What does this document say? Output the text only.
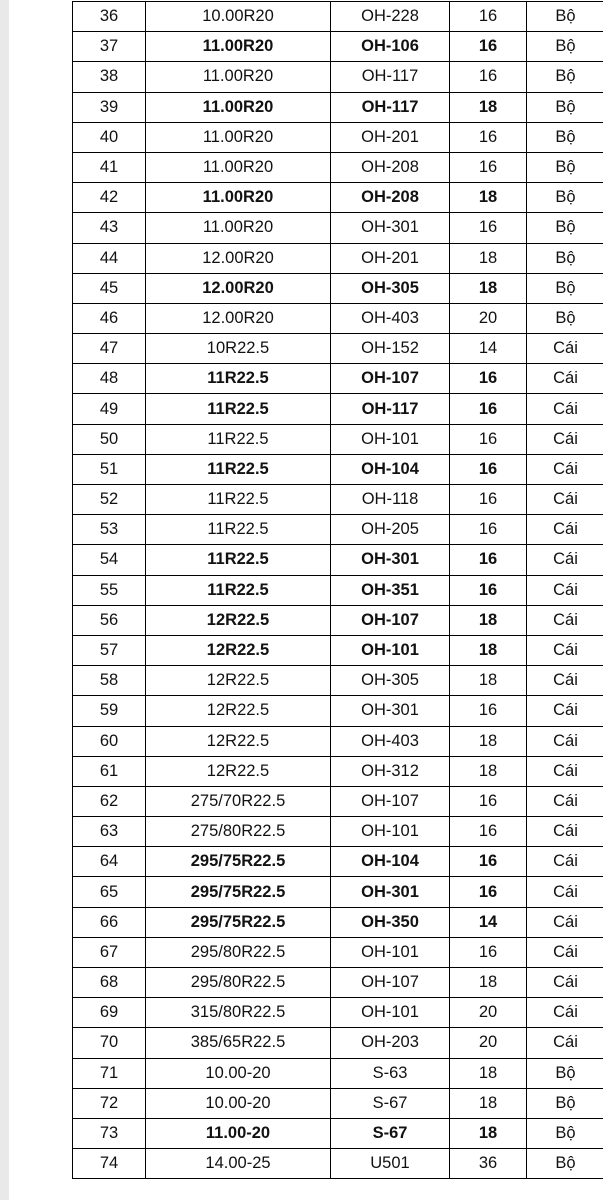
36	10.00R20	OH-228	16	Bộ
37	11.00R20	OH-106	16	Bộ
38	11.00R20	OH-117	16	Bộ
39	11.00R20	OH-117	18	Bộ
40	11.00R20	OH-201	16	Bộ
41	11.00R20	OH-208	16	Bộ
42	11.00R20	OH-208	18	Bộ
43	11.00R20	OH-301	16	Bộ
44	12.00R20	OH-201	18	Bộ
45	12.00R20	OH-305	18	Bộ
46	12.00R20	OH-403	20	Bộ
47	10R22.5	OH-152	14	Cái
48	11R22.5	OH-107	16	Cái
49	11R22.5	OH-117	16	Cái
50	11R22.5	OH-101	16	Cái
51	11R22.5	OH-104	16	Cái
52	11R22.5	OH-118	16	Cái
53	11R22.5	OH-205	16	Cái
54	11R22.5	OH-301	16	Cái
55	11R22.5	OH-351	16	Cái
56	12R22.5	OH-107	18	Cái
57	12R22.5	OH-101	18	Cái
58	12R22.5	OH-305	18	Cái
59	12R22.5	OH-301	16	Cái
60	12R22.5	OH-403	18	Cái
61	12R22.5	OH-312	18	Cái
62	275/70R22.5	OH-107	16	Cái
63	275/80R22.5	OH-101	16	Cái
64	295/75R22.5	OH-104	16	Cái
65	295/75R22.5	OH-301	16	Cái
66	295/75R22.5	OH-350	14	Cái
67	295/80R22.5	OH-101	16	Cái
68	295/80R22.5	OH-107	18	Cái
69	315/80R22.5	OH-101	20	Cái
70	385/65R22.5	OH-203	20	Cái
71	10.00-20	S-63	18	Bộ
72	10.00-20	S-67	18	Bộ
73	11.00-20	S-67	18	Bộ
74	14.00-25	U501	36	Bộ
